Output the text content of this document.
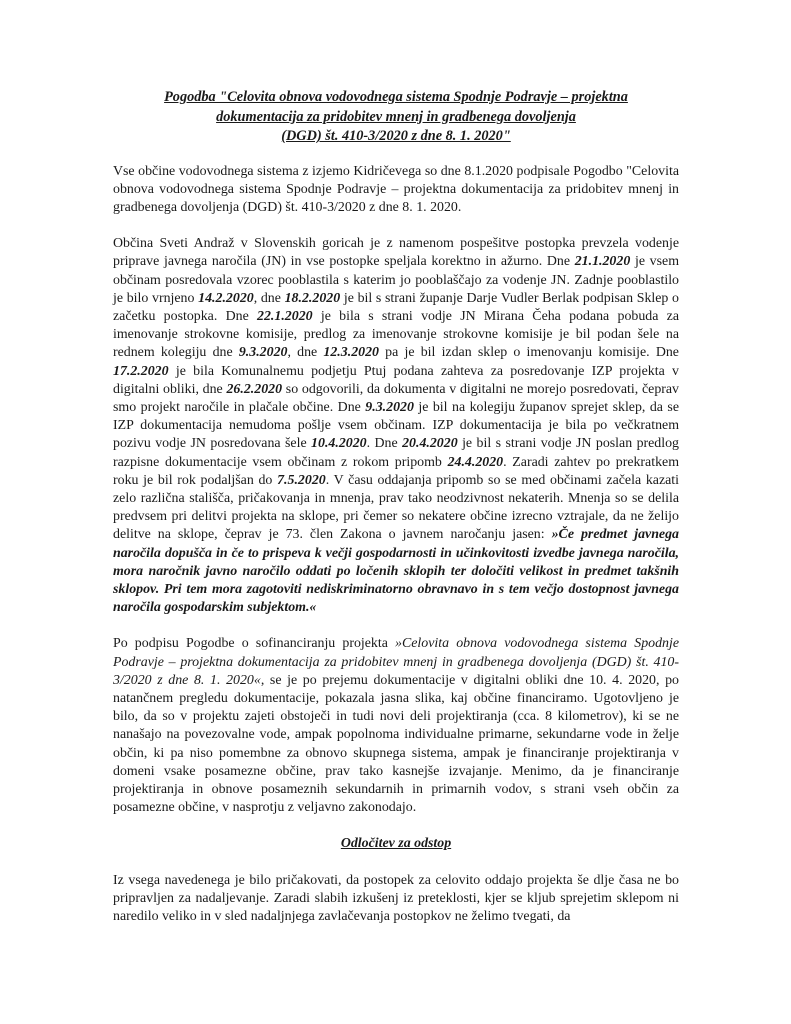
Pogodba "Celovita obnova vodovodnega sistema Spodnje Podravje – projektna
dokumentacija za pridobitev mnenj in gradbenega dovoljenja
(DGD) št. 410-3/2020 z dne 8. 1. 2020"

Vse občine vodovodnega sistema z izjemo Kidričevega so dne 8.1.2020 podpisale Pogodbo "Celovita obnova vodovodnega sistema Spodnje Podravje – projektna dokumentacija za pridobitev mnenj in gradbenega dovoljenja (DGD) št. 410-3/2020 z dne 8. 1. 2020.

Občina Sveti Andraž v Slovenskih goricah je z namenom pospešitve postopka prevzela vodenje priprave javnega naročila (JN) in vse postopke speljala korektno in ažurno. Dne 21.1.2020 je vsem občinam posredovala vzorec pooblastila s katerim jo pooblaščajo za vodenje JN. Zadnje pooblastilo je bilo vrnjeno 14.2.2020, dne 18.2.2020 je bil s strani županje Darje Vudler Berlak podpisan Sklep o začetku postopka. Dne 22.1.2020 je bila s strani vodje JN Mirana Čeha podana pobuda za imenovanje strokovne komisije, predlog za imenovanje strokovne komisije je bil podan šele na rednem kolegiju dne 9.3.2020, dne 12.3.2020 pa je bil izdan sklep o imenovanju komisije. Dne 17.2.2020 je bila Komunalnemu podjetju Ptuj podana zahteva za posredovanje IZP projekta v digitalni obliki, dne 26.2.2020 so odgovorili, da dokumenta v digitalni ne morejo posredovati, čeprav smo projekt naročile in plačale občine. Dne 9.3.2020 je bil na kolegiju županov sprejet sklep, da se IZP dokumentacija nemudoma pošlje vsem občinam. IZP dokumentacija je bila po večkratnem pozivu vodje JN posredovana šele 10.4.2020. Dne 20.4.2020 je bil s strani vodje JN poslan predlog razpisne dokumentacije vsem občinam z rokom pripomb 24.4.2020. Zaradi zahtev po prekratkem roku je bil rok podaljšan do 7.5.2020. V času oddajanja pripomb so se med občinami začela kazati zelo različna stališča, pričakovanja in mnenja, prav tako neodzivnost nekaterih. Mnenja so se delila predvsem pri delitvi projekta na sklope, pri čemer so nekatere občine izrecno vztrajale, da ne želijo delitve na sklope, čeprav je 73. člen Zakona o javnem naročanju jasen: »Če predmet javnega naročila dopušča in če to prispeva k večji gospodarnosti in učinkovitosti izvedbe javnega naročila, mora naročnik javno naročilo oddati po ločenih sklopih ter določiti velikost in predmet takšnih sklopov. Pri tem mora zagotoviti nediskriminatorno obravnavo in s tem večjo dostopnost javnega naročila gospodarskim subjektom.«

Po podpisu Pogodbe o sofinanciranju projekta »Celovita obnova vodovodnega sistema Spodnje Podravje – projektna dokumentacija za pridobitev mnenj in gradbenega dovoljenja (DGD) št. 410-3/2020 z dne 8. 1. 2020«, se je po prejemu dokumentacije v digitalni obliki dne 10. 4. 2020, po natančnem pregledu dokumentacije, pokazala jasna slika, kaj občine financiramo. Ugotovljeno je bilo, da so v projektu zajeti obstoječi in tudi novi deli projektiranja (cca. 8 kilometrov), ki se ne nanašajo na povezovalne vode, ampak popolnoma individualne primarne, sekundarne vode in želje občin, ki pa niso pomembne za obnovo skupnega sistema, ampak je financiranje projektiranja v domeni vsake posamezne občine, prav tako kasnejše izvajanje. Menimo, da je financiranje projektiranja in obnove posameznih sekundarnih in primarnih vodov, s strani vseh občin za posamezne občine, v nasprotju z veljavno zakonodajo.

Odločitev za odstop

Iz vsega navedenega je bilo pričakovati, da postopek za celovito oddajo projekta še dlje časa ne bo pripravljen za nadaljevanje. Zaradi slabih izkušenj iz preteklosti, kjer se kljub sprejetim sklepom ni naredilo veliko in v sled nadaljnjega zavlačevanja postopkov ne želimo tvegati, da
